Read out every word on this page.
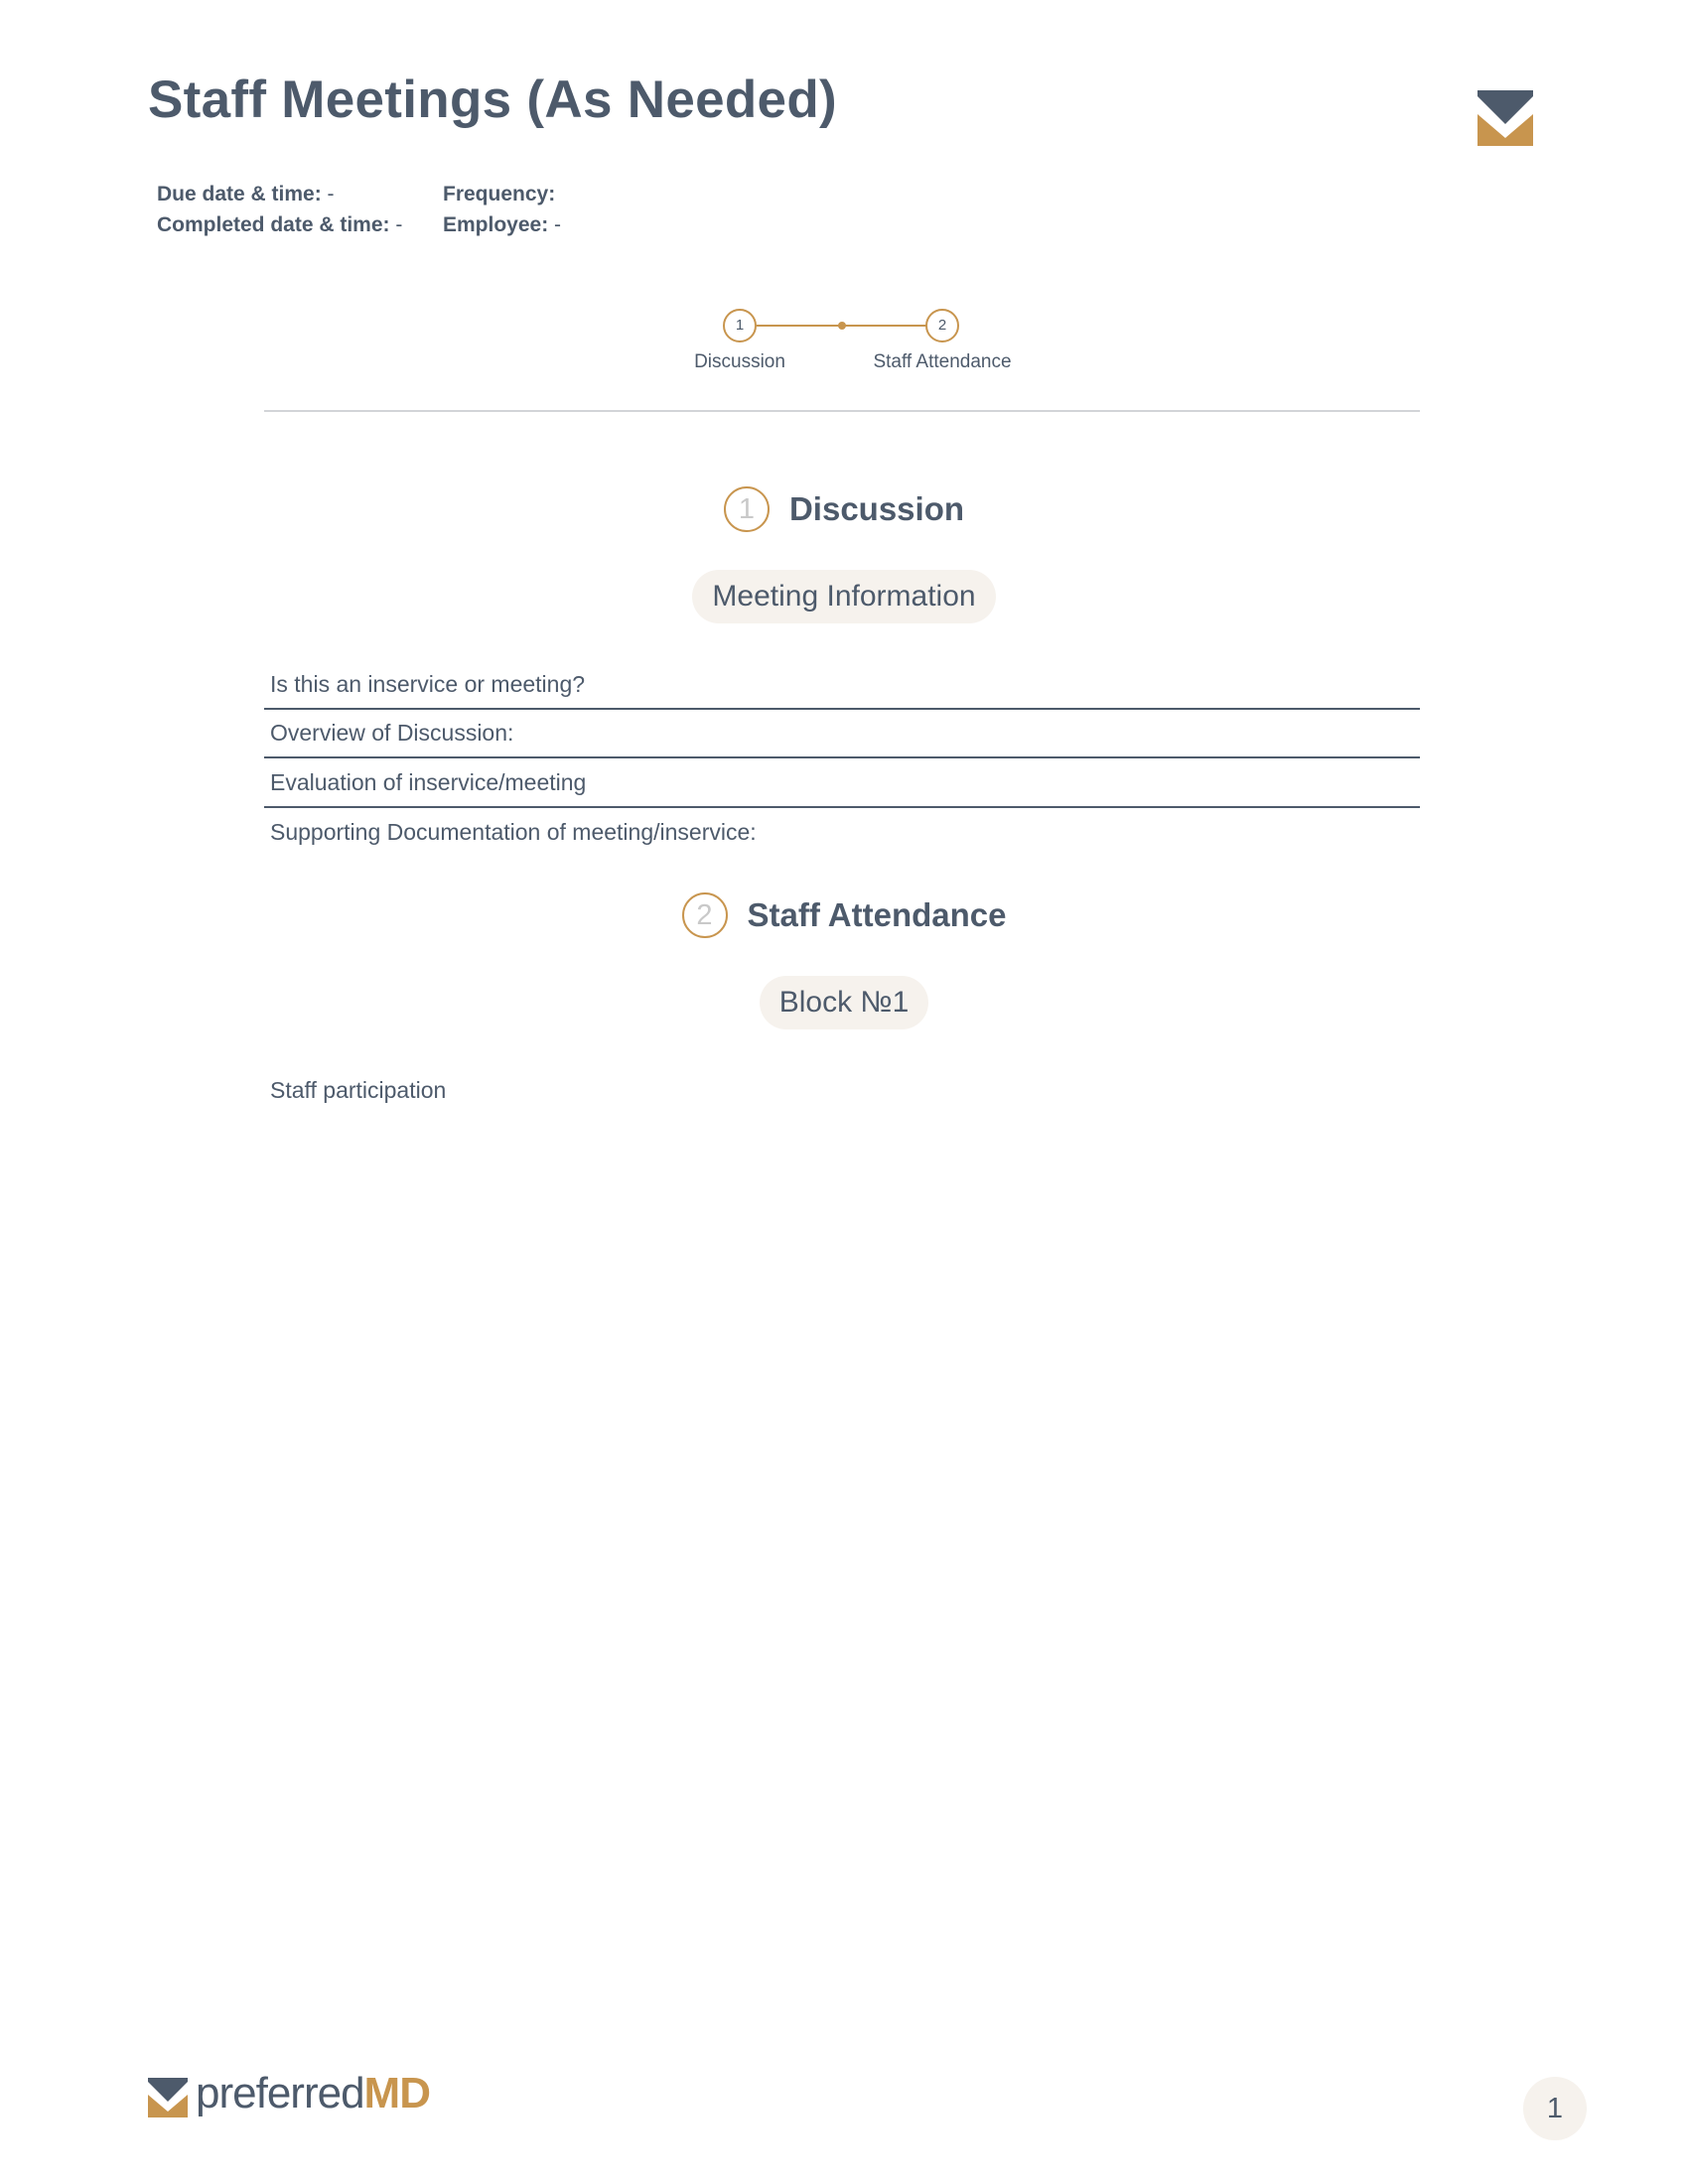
Staff Meetings (As Needed)
Due date & time: -
Completed date & time: -
Frequency:
Employee: -
1	2
Discussion	Staff Attendance
1 Discussion
Meeting Information
Is this an inservice or meeting?
Overview of Discussion:
Evaluation of inservice/meeting
Supporting Documentation of meeting/inservice:
2 Staff Attendance
Block №1
Staff participation
preferredMD	1
